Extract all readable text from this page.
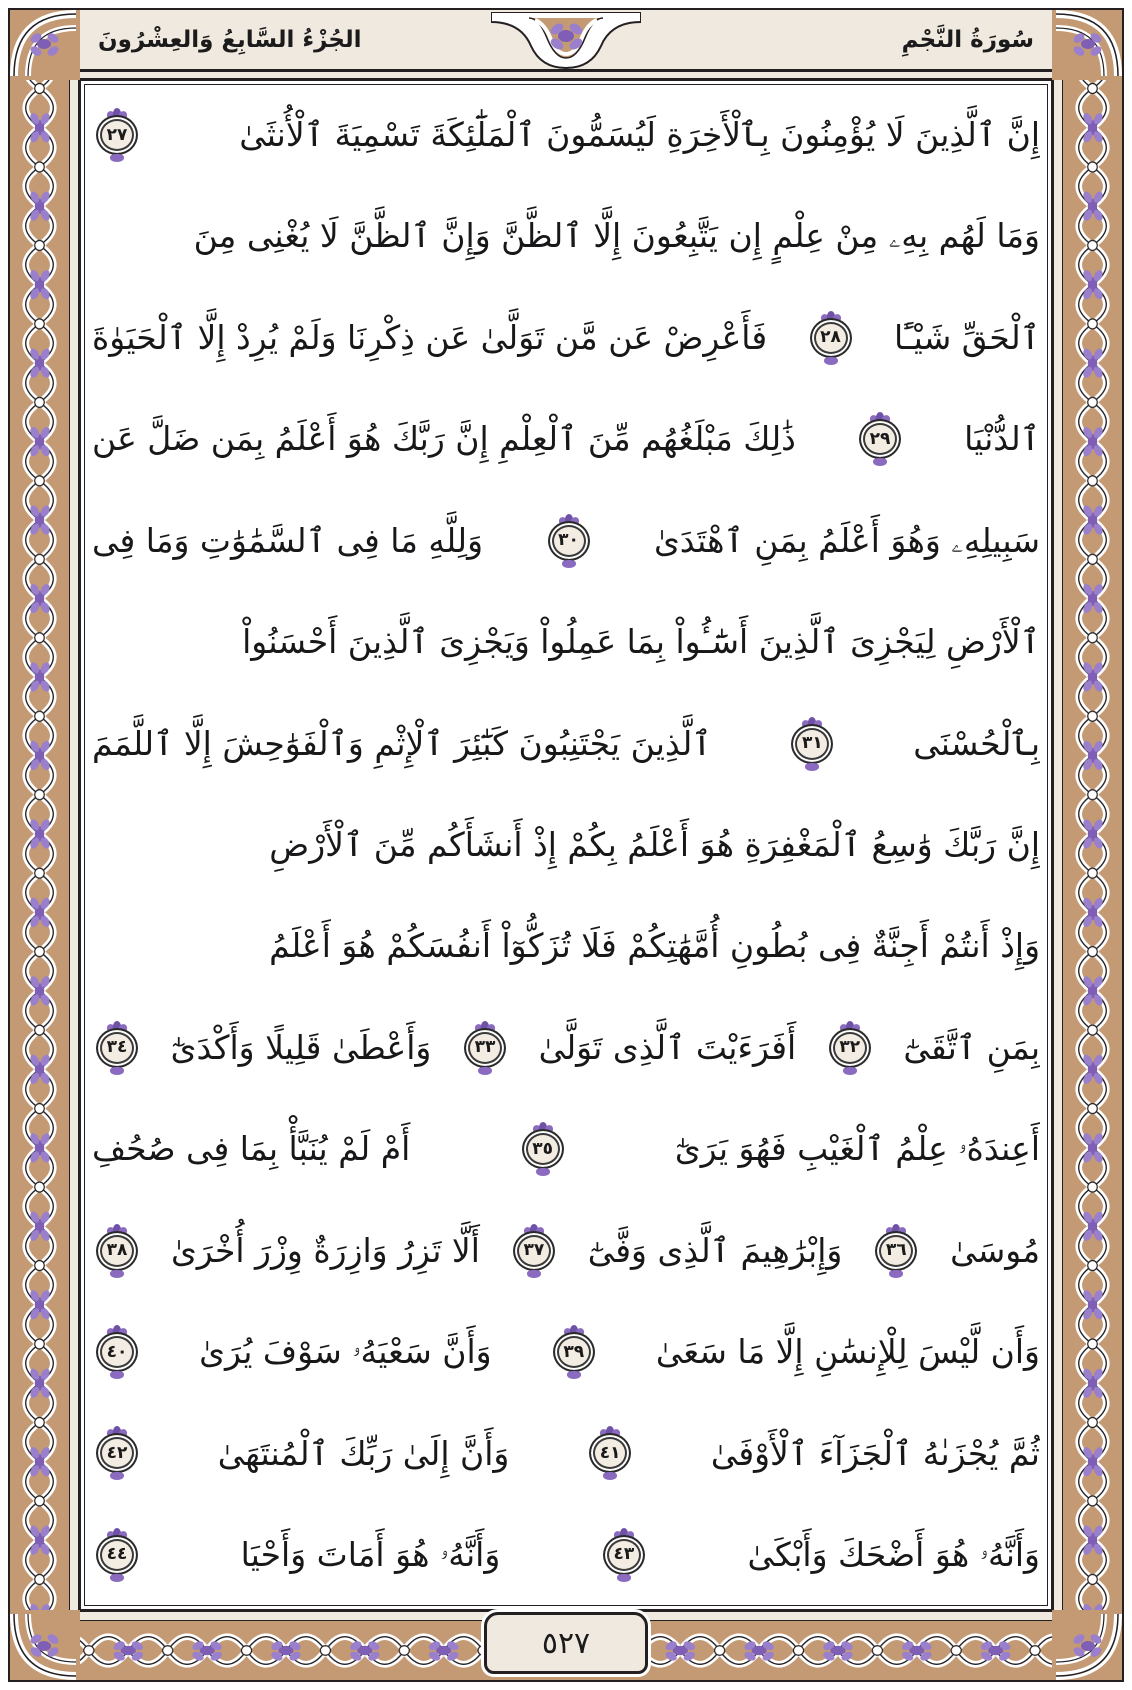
الجُزْءُ السَّابِعُ وَالعِشْرُونَ	سُورَةُ النَّجْمِ
٥٢٧
إِنَّ ٱلَّذِينَ لَا يُؤْمِنُونَ بِٱلْأَخِرَةِ لَيُسَمُّونَ ٱلْمَلَٰٓئِكَةَ تَسْمِيَةَ ٱلْأُنثَىٰ
٢٧
وَمَا لَهُم بِهِۦ مِنْ عِلْمٍ إِن يَتَّبِعُونَ إِلَّا ٱلظَّنَّ وَإِنَّ ٱلظَّنَّ لَا يُغْنِى مِنَ
ٱلْحَقِّ شَيْـًٔا
٢٨
فَأَعْرِضْ عَن مَّن تَوَلَّىٰ عَن ذِكْرِنَا وَلَمْ يُرِدْ إِلَّا ٱلْحَيَوٰةَ
ٱلدُّنْيَا
٢٩
ذَٰلِكَ مَبْلَغُهُم مِّنَ ٱلْعِلْمِ إِنَّ رَبَّكَ هُوَ أَعْلَمُ بِمَن ضَلَّ عَن
سَبِيلِهِۦ وَهُوَ أَعْلَمُ بِمَنِ ٱهْتَدَىٰ
٣٠
وَلِلَّهِ مَا فِى ٱلسَّمَٰوَٰتِ وَمَا فِى
ٱلْأَرْضِ لِيَجْزِىَ ٱلَّذِينَ أَسَٰٓـُٔواْ بِمَا عَمِلُواْ وَيَجْزِىَ ٱلَّذِينَ أَحْسَنُواْ
بِٱلْحُسْنَى
٣١
ٱلَّذِينَ يَجْتَنِبُونَ كَبَٰٓئِرَ ٱلْإِثْمِ وَٱلْفَوَٰحِشَ إِلَّا ٱللَّمَمَ
إِنَّ رَبَّكَ وَٰسِعُ ٱلْمَغْفِرَةِ هُوَ أَعْلَمُ بِكُمْ إِذْ أَنشَأَكُم مِّنَ ٱلْأَرْضِ
وَإِذْ أَنتُمْ أَجِنَّةٌ فِى بُطُونِ أُمَّهَٰتِكُمْ فَلَا تُزَكُّوٓاْ أَنفُسَكُمْ هُوَ أَعْلَمُ
بِمَنِ ٱتَّقَىٰٓ
٣٢
أَفَرَءَيْتَ ٱلَّذِى تَوَلَّىٰ
٣٣
وَأَعْطَىٰ قَلِيلًا وَأَكْدَىٰٓ
٣٤
أَعِندَهُۥ عِلْمُ ٱلْغَيْبِ فَهُوَ يَرَىٰٓ
٣٥
أَمْ لَمْ يُنَبَّأْ بِمَا فِى صُحُفِ
مُوسَىٰ
٣٦
وَإِبْرَٰهِيمَ ٱلَّذِى وَفَّىٰٓ
٣٧
أَلَّا تَزِرُ وَازِرَةٌ وِزْرَ أُخْرَىٰ
٣٨
وَأَن لَّيْسَ لِلْإِنسَٰنِ إِلَّا مَا سَعَىٰ
٣٩
وَأَنَّ سَعْيَهُۥ سَوْفَ يُرَىٰ
٤٠
ثُمَّ يُجْزَىٰهُ ٱلْجَزَآءَ ٱلْأَوْفَىٰ
٤١
وَأَنَّ إِلَىٰ رَبِّكَ ٱلْمُنتَهَىٰ
٤٢
وَأَنَّهُۥ هُوَ أَضْحَكَ وَأَبْكَىٰ
٤٣
وَأَنَّهُۥ هُوَ أَمَاتَ وَأَحْيَا
٤٤
